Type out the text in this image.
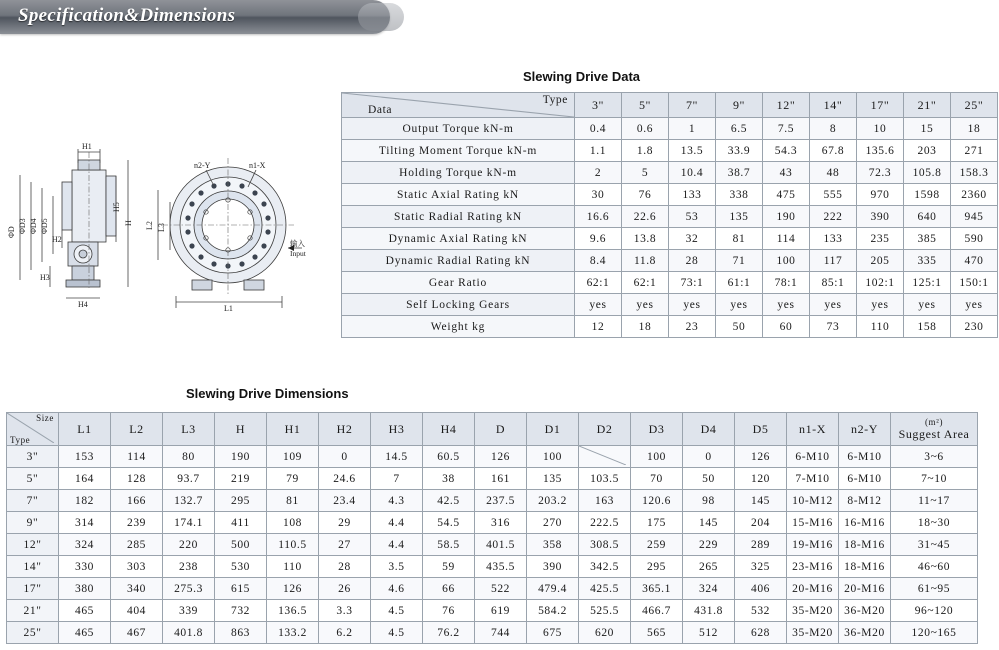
Specification&Dimensions
Slewing Drive Data
Slewing Drive Dimensions
H1
ΦD ΦD3 ΦD4 ΦD5
H2
H5
H
H3
H4
n2-Y	n1-X
L2 L3
L1
输入
Input
Data
Type	3"	5"	7"	9"	12"	14"	17"	21"	25"
Output Torque kN-m	0.4	0.6	1	6.5	7.5	8	10	15	18
Tilting Moment Torque kN-m	1.1	1.8	13.5	33.9	54.3	67.8	135.6	203	271
Holding Torque kN-m	2	5	10.4	38.7	43	48	72.3	105.8	158.3
Static Axial Rating kN	30	76	133	338	475	555	970	1598	2360
Static Radial Rating kN	16.6	22.6	53	135	190	222	390	640	945
Dynamic Axial Rating kN	9.6	13.8	32	81	114	133	235	385	590
Dynamic Radial Rating kN	8.4	11.8	28	71	100	117	205	335	470
Gear Ratio	62:1	62:1	73:1	61:1	78:1	85:1	102:1	125:1	150:1
Self Locking Gears	yes	yes	yes	yes	yes	yes	yes	yes	yes
Weight kg	12	18	23	50	60	73	110	158	230
Size
Type	L1	L2	L3	H	H1	H2	H3	H4	D	D1	D2	D3	D4	D5	n1-X	n2-Y	(m²)
Suggest Area
3"	153	114	80	190	109	0	14.5	60.5	126	100		100	0	126	6-M10	6-M10	3~6
5"	164	128	93.7	219	79	24.6	7	38	161	135	103.5	70	50	120	7-M10	6-M10	7~10
7"	182	166	132.7	295	81	23.4	4.3	42.5	237.5	203.2	163	120.6	98	145	10-M12	8-M12	11~17
9"	314	239	174.1	411	108	29	4.4	54.5	316	270	222.5	175	145	204	15-M16	16-M16	18~30
12"	324	285	220	500	110.5	27	4.4	58.5	401.5	358	308.5	259	229	289	19-M16	18-M16	31~45
14"	330	303	238	530	110	28	3.5	59	435.5	390	342.5	295	265	325	23-M16	18-M16	46~60
17"	380	340	275.3	615	126	26	4.6	66	522	479.4	425.5	365.1	324	406	20-M16	20-M16	61~95
21"	465	404	339	732	136.5	3.3	4.5	76	619	584.2	525.5	466.7	431.8	532	35-M20	36-M20	96~120
25"	465	467	401.8	863	133.2	6.2	4.5	76.2	744	675	620	565	512	628	35-M20	36-M20	120~165
